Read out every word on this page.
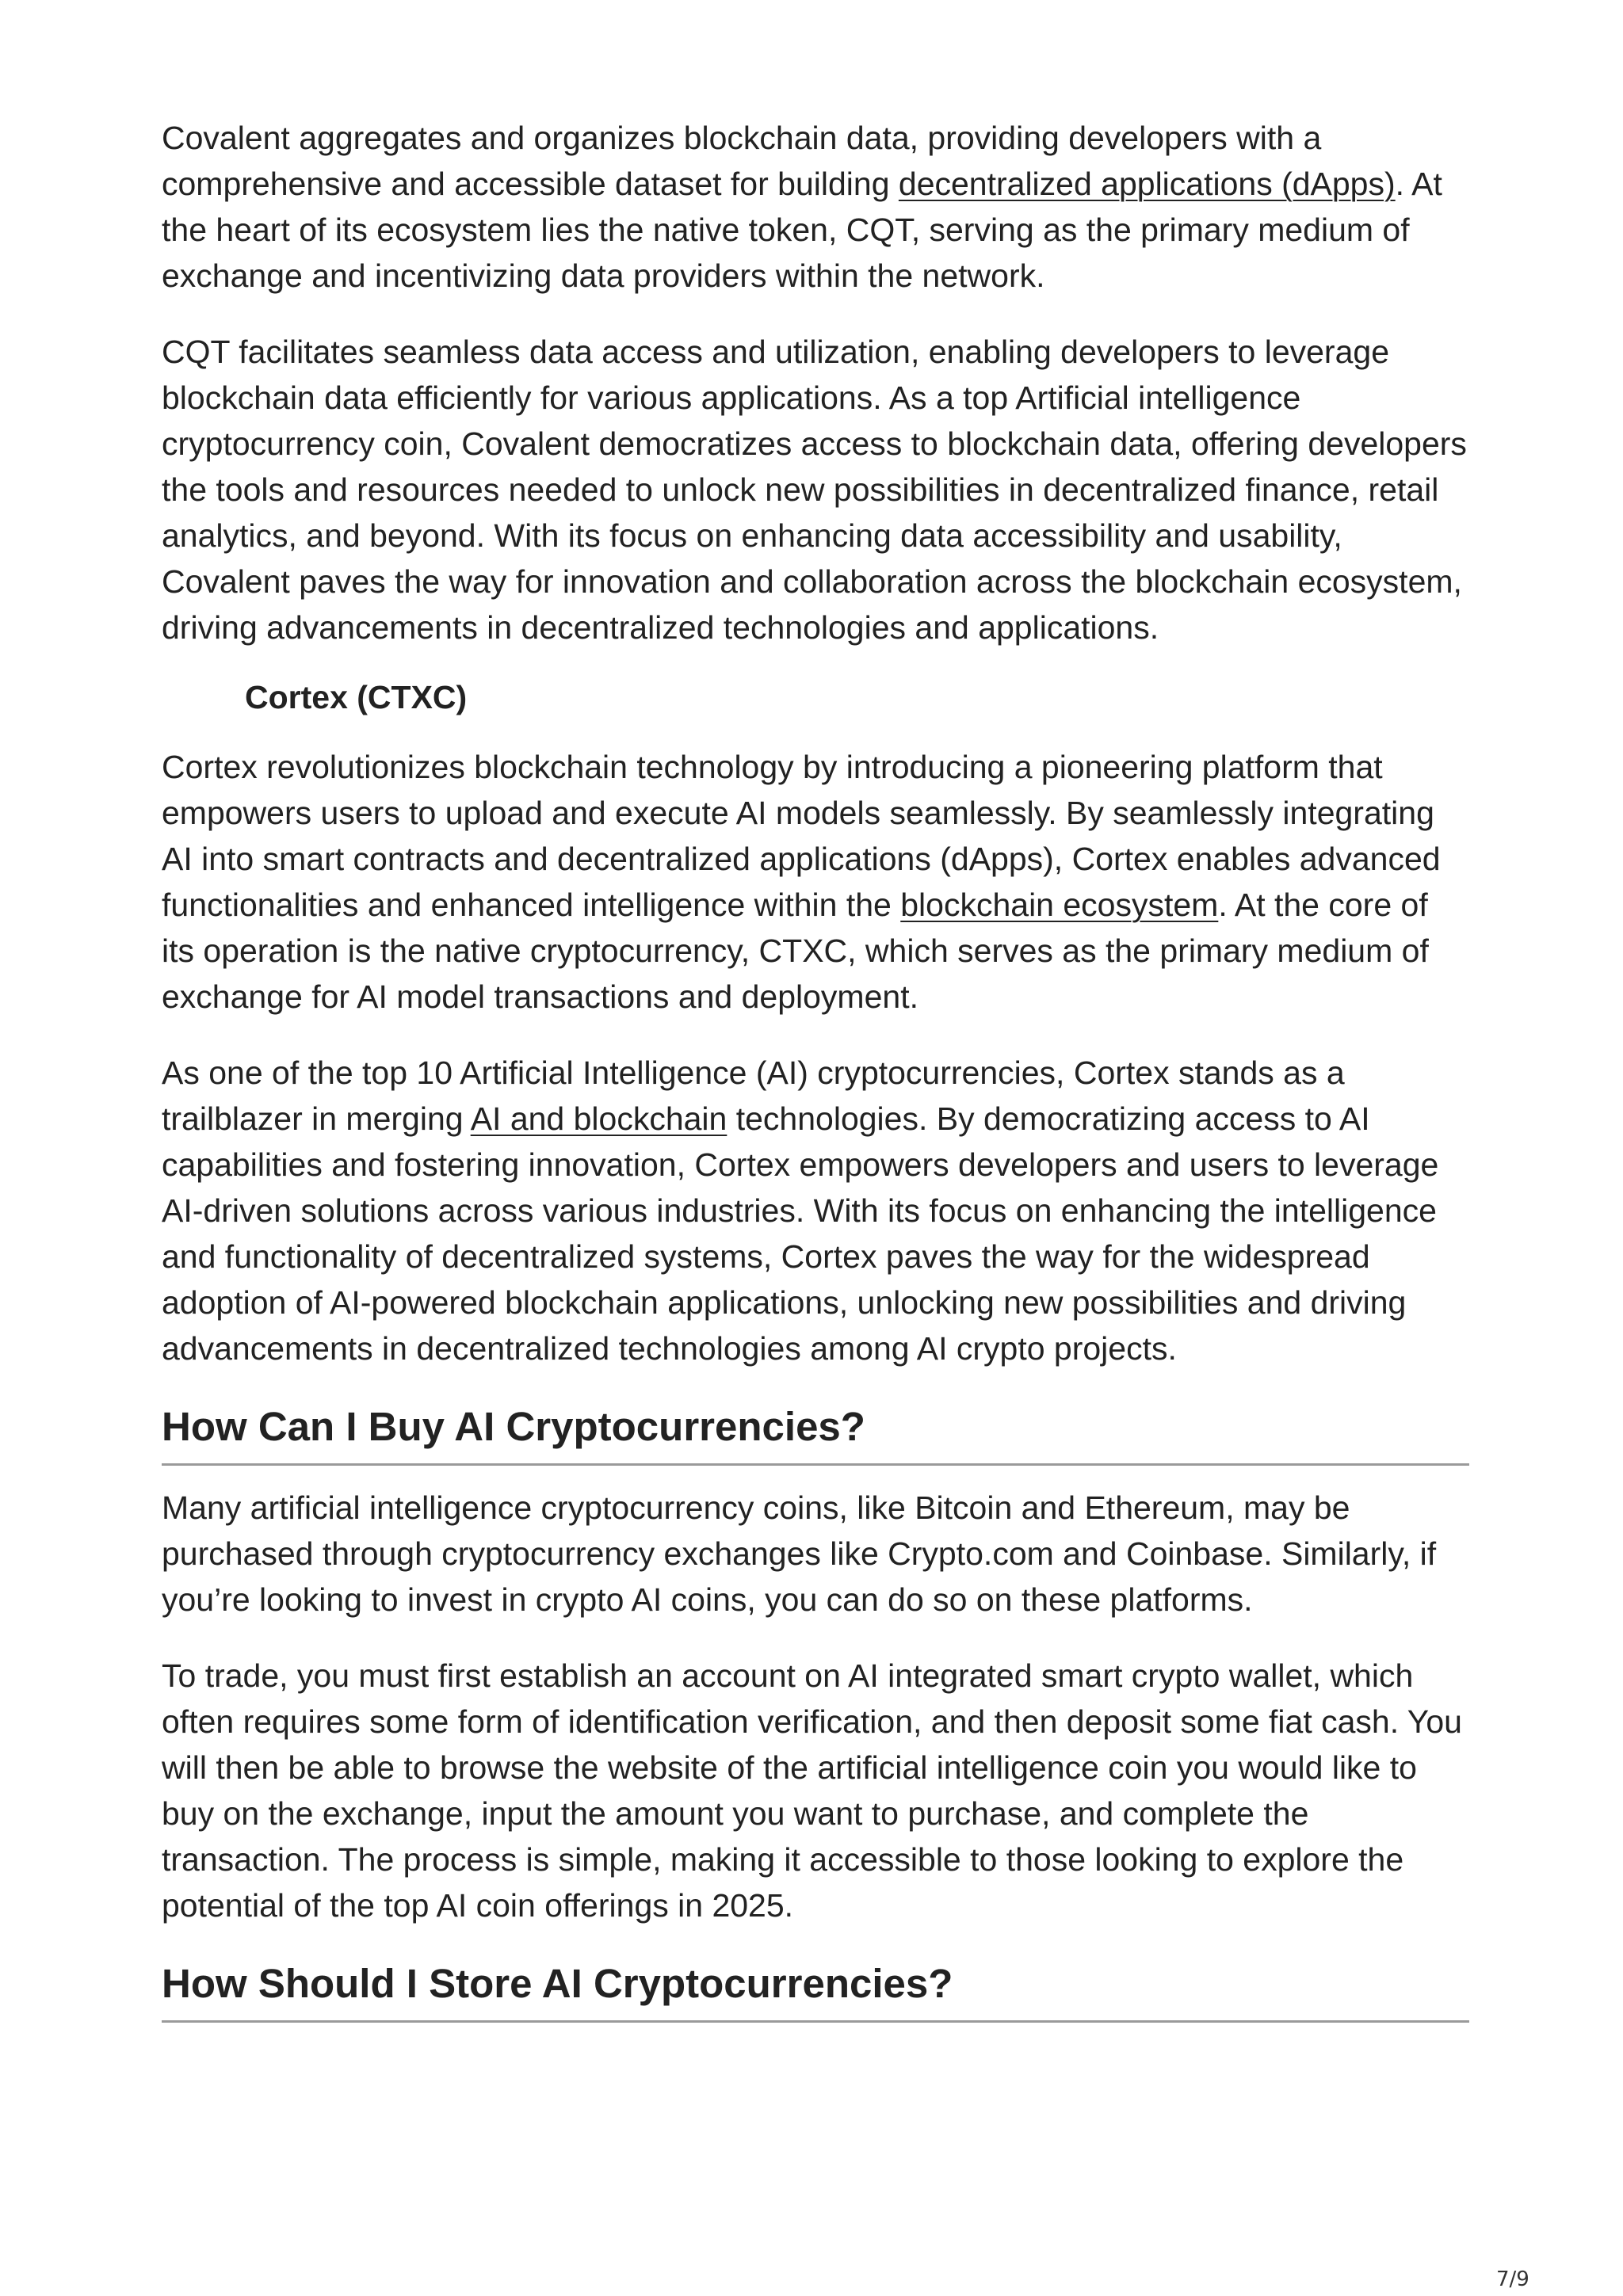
Covalent aggregates and organizes blockchain data, providing developers with a comprehensive and accessible dataset for building decentralized applications (dApps). At the heart of its ecosystem lies the native token, CQT, serving as the primary medium of exchange and incentivizing data providers within the network.

CQT facilitates seamless data access and utilization, enabling developers to leverage blockchain data efficiently for various applications. As a top Artificial intelligence cryptocurrency coin, Covalent democratizes access to blockchain data, offering developers the tools and resources needed to unlock new possibilities in decentralized finance, retail analytics, and beyond. With its focus on enhancing data accessibility and usability, Covalent paves the way for innovation and collaboration across the blockchain ecosystem, driving advancements in decentralized technologies and applications.

Cortex (CTXC)

Cortex revolutionizes blockchain technology by introducing a pioneering platform that empowers users to upload and execute AI models seamlessly. By seamlessly integrating AI into smart contracts and decentralized applications (dApps), Cortex enables advanced functionalities and enhanced intelligence within the blockchain ecosystem. At the core of its operation is the native cryptocurrency, CTXC, which serves as the primary medium of exchange for AI model transactions and deployment.

As one of the top 10 Artificial Intelligence (AI) cryptocurrencies, Cortex stands as a trailblazer in merging AI and blockchain technologies. By democratizing access to AI capabilities and fostering innovation, Cortex empowers developers and users to leverage AI-driven solutions across various industries. With its focus on enhancing the intelligence and functionality of decentralized systems, Cortex paves the way for the widespread adoption of AI-powered blockchain applications, unlocking new possibilities and driving advancements in decentralized technologies among AI crypto projects.

How Can I Buy AI Cryptocurrencies?

Many artificial intelligence cryptocurrency coins, like Bitcoin and Ethereum, may be purchased through cryptocurrency exchanges like Crypto.com and Coinbase. Similarly, if you’re looking to invest in crypto AI coins, you can do so on these platforms.

To trade, you must first establish an account on AI integrated smart crypto wallet, which often requires some form of identification verification, and then deposit some fiat cash. You will then be able to browse the website of the artificial intelligence coin you would like to buy on the exchange, input the amount you want to purchase, and complete the transaction. The process is simple, making it accessible to those looking to explore the potential of the top AI coin offerings in 2025.

How Should I Store AI Cryptocurrencies?
7/9
